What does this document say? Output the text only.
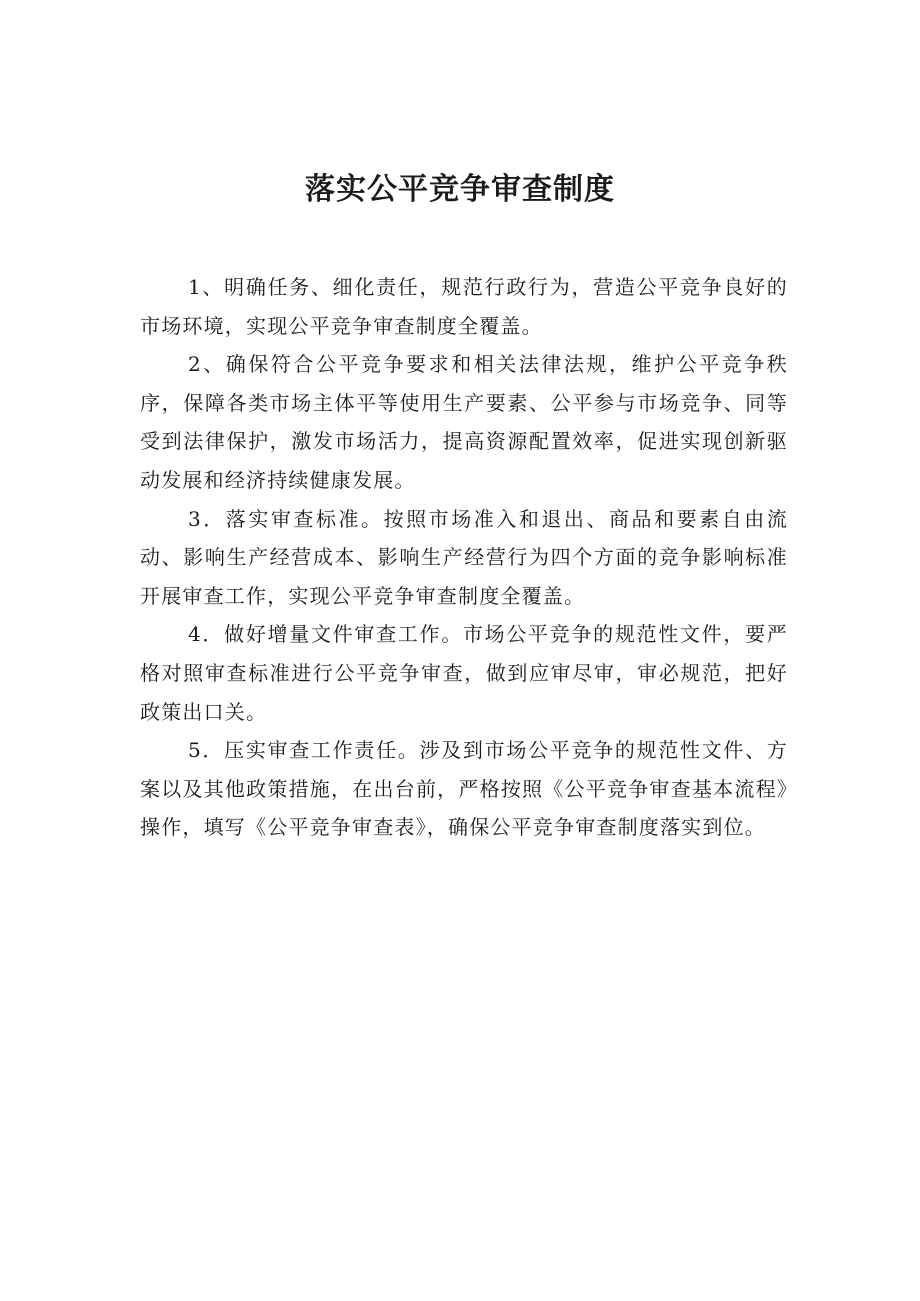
落实公平竞争审查制度

1、明确任务、细化责任，规范行政行为，营造公平竞争良好的市场环境，实现公平竞争审查制度全覆盖。

2、确保符合公平竞争要求和相关法律法规，维护公平竞争秩序，保障各类市场主体平等使用生产要素、公平参与市场竞争、同等受到法律保护，激发市场活力，提高资源配置效率，促进实现创新驱动发展和经济持续健康发展。

3．落实审查标准。按照市场准入和退出、商品和要素自由流动、影响生产经营成本、影响生产经营行为四个方面的竞争影响标准开展审查工作，实现公平竞争审查制度全覆盖。

4．做好增量文件审查工作。市场公平竞争的规范性文件，要严格对照审查标准进行公平竞争审查，做到应审尽审，审必规范，把好政策出口关。

5．压实审查工作责任。涉及到市场公平竞争的规范性文件、方案以及其他政策措施，在出台前，严格按照《公平竞争审查基本流程》操作，填写《公平竞争审查表》，确保公平竞争审查制度落实到位。
